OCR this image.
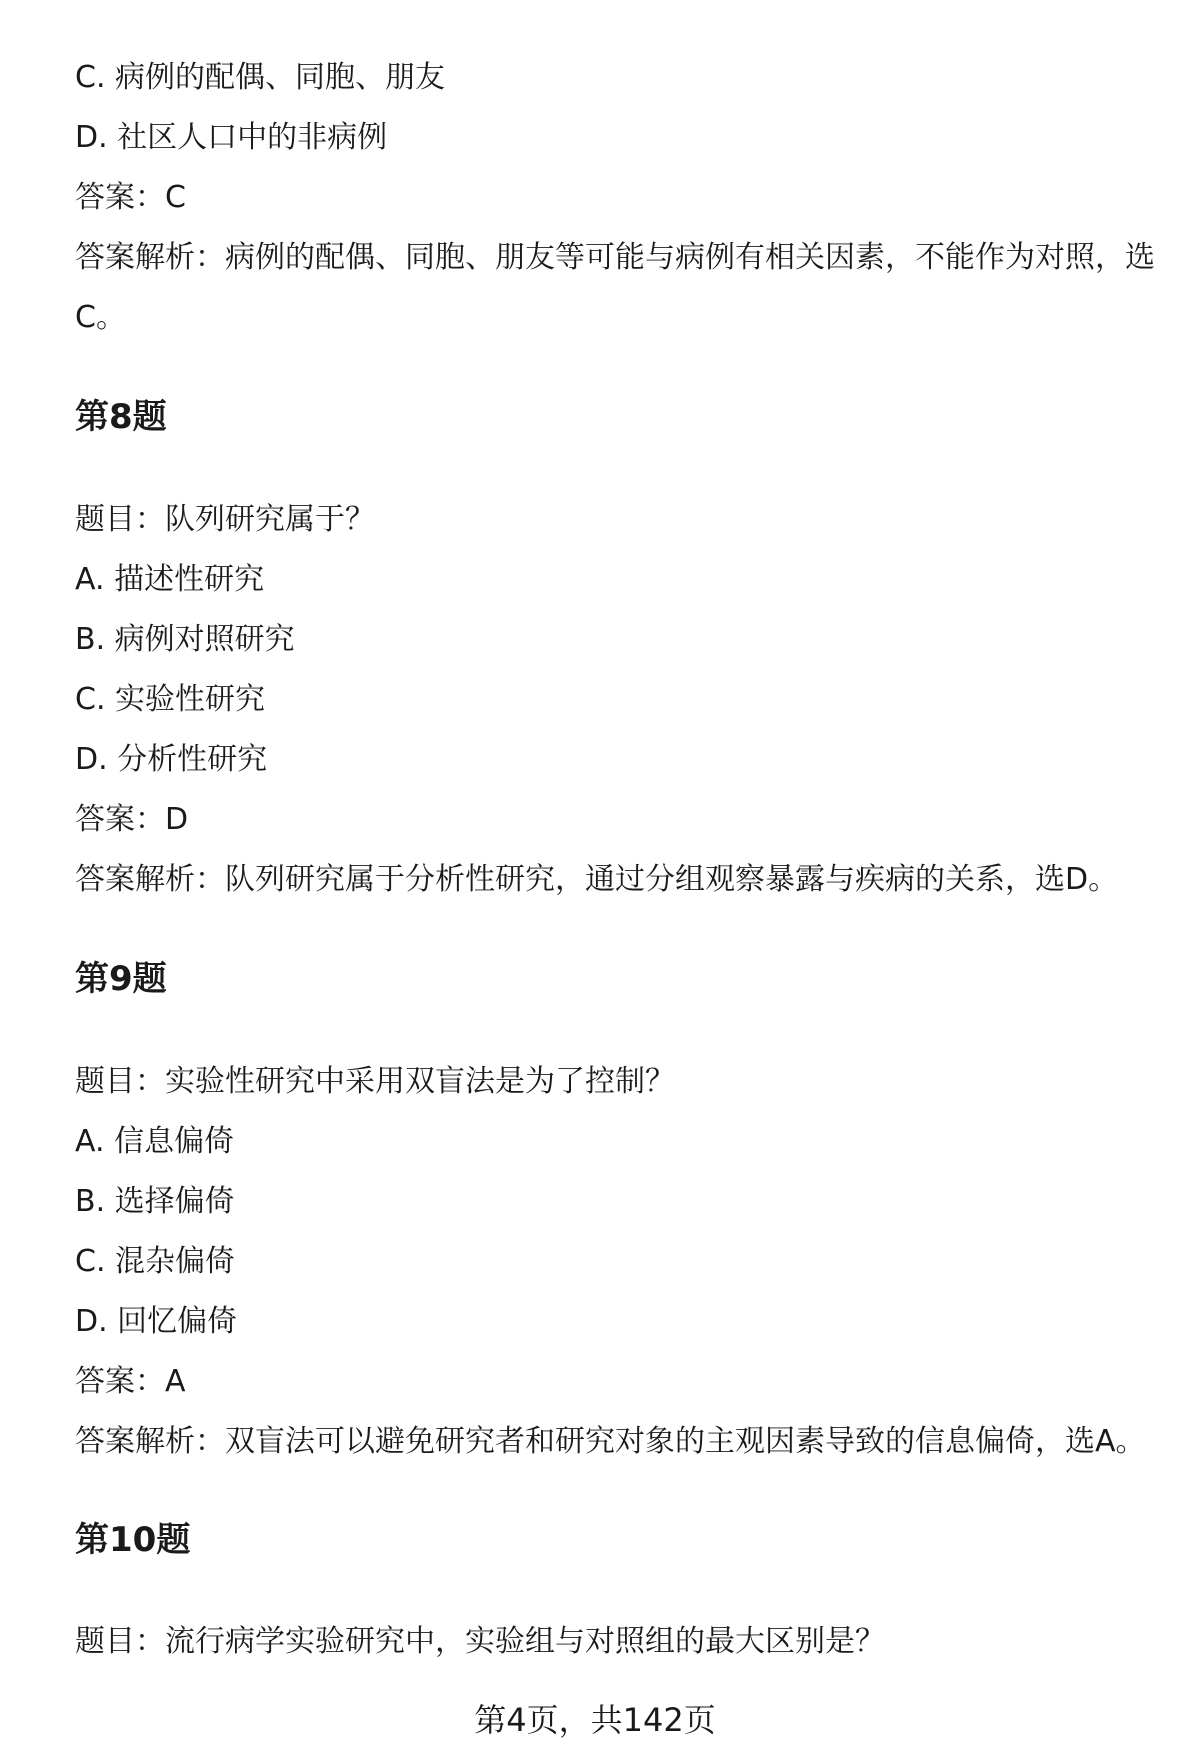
C. 病例的配偶、同胞、朋友
D. 社区人口中的非病例
答案：C
答案解析：病例的配偶、同胞、朋友等可能与病例有相关因素，不能作为对照，选
C。
第8题
题目：队列研究属于？
A. 描述性研究
B. 病例对照研究
C. 实验性研究
D. 分析性研究
答案：D
答案解析：队列研究属于分析性研究，通过分组观察暴露与疾病的关系，选D。
第9题
题目：实验性研究中采用双盲法是为了控制？
A. 信息偏倚
B. 选择偏倚
C. 混杂偏倚
D. 回忆偏倚
答案：A
答案解析：双盲法可以避免研究者和研究对象的主观因素导致的信息偏倚，选A。
第10题
题目：流行病学实验研究中，实验组与对照组的最大区别是？
第4页，共142页
